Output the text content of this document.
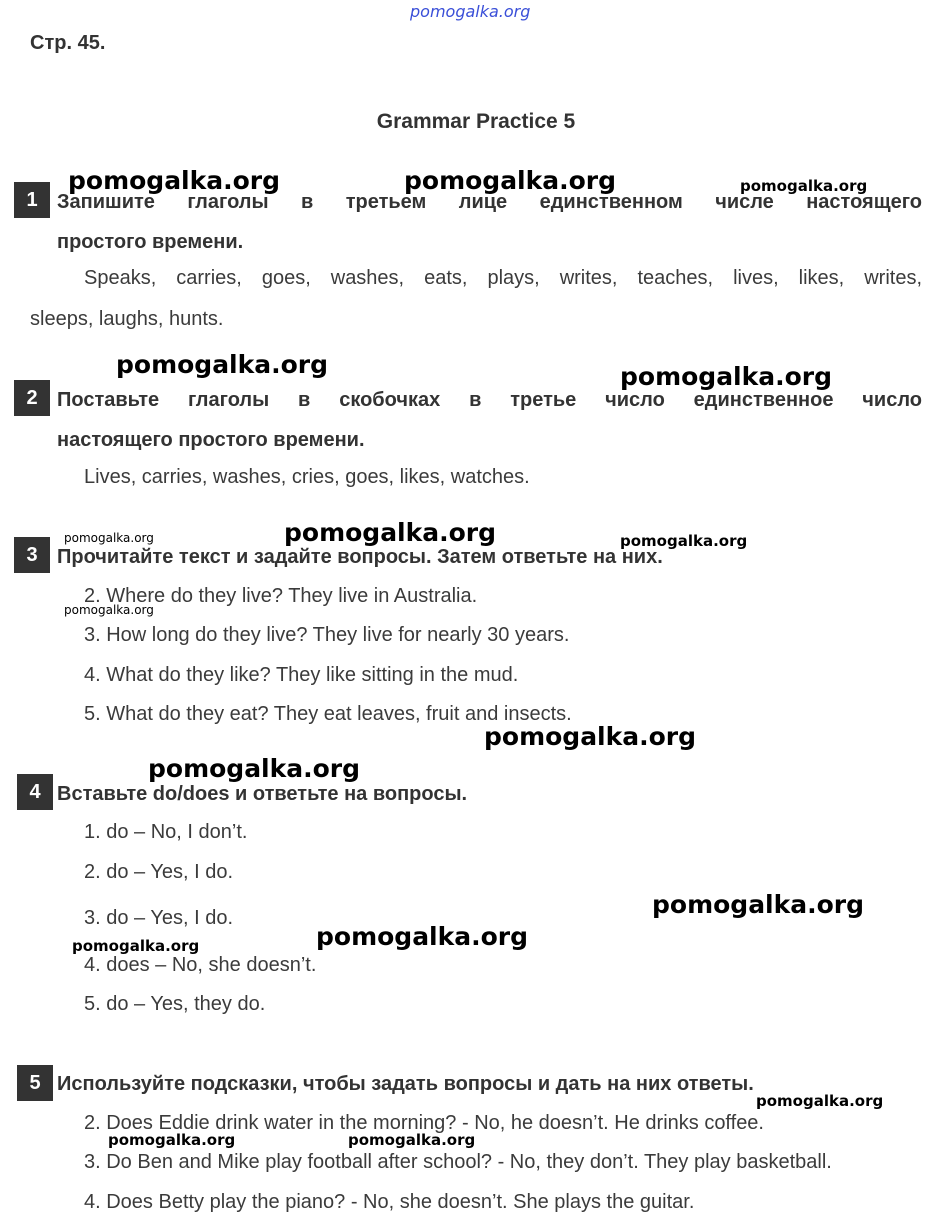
pomogalka.org
Стр. 45.
Grammar Practice 5
1 Запишите глаголы в третьем лице единственном числе настоящего
простого времени.
Speaks, carries, goes, washes, eats, plays, writes, teaches, lives, likes, writes,
sleeps, laughs, hunts.
2 Поставьте глаголы в скобочках в третье число единственное число
настоящего простого времени.
Lives, carries, washes, cries, goes, likes, watches.
3 Прочитайте текст и задайте вопросы. Затем ответьте на них.
2. Where do they live? They live in Australia.
3. How long do they live? They live for nearly 30 years.
4. What do they like? They like sitting in the mud.
5. What do they eat? They eat leaves, fruit and insects.
4 Вставьте do/does и ответьте на вопросы.
1. do – No, I don’t.
2. do – Yes, I do.
3. do – Yes, I do.
4. does – No, she doesn’t.
5. do – Yes, they do.
5 Используйте подсказки, чтобы задать вопросы и дать на них ответы.
2. Does Eddie drink water in the morning? - No, he doesn’t. He drinks coffee.
3. Do Ben and Mike play football after school? - No, they don’t. They play basketball.
4. Does Betty play the piano? - No, she doesn’t. She plays the guitar.
pomogalka.org	pomogalka.org	pomogalka.org
pomogalka.org	pomogalka.org
pomogalka.org	pomogalka.org	pomogalka.org
pomogalka.org
pomogalka.org
pomogalka.org
pomogalka.org
pomogalka.org	pomogalka.org
pomogalka.org
pomogalka.org	pomogalka.org
